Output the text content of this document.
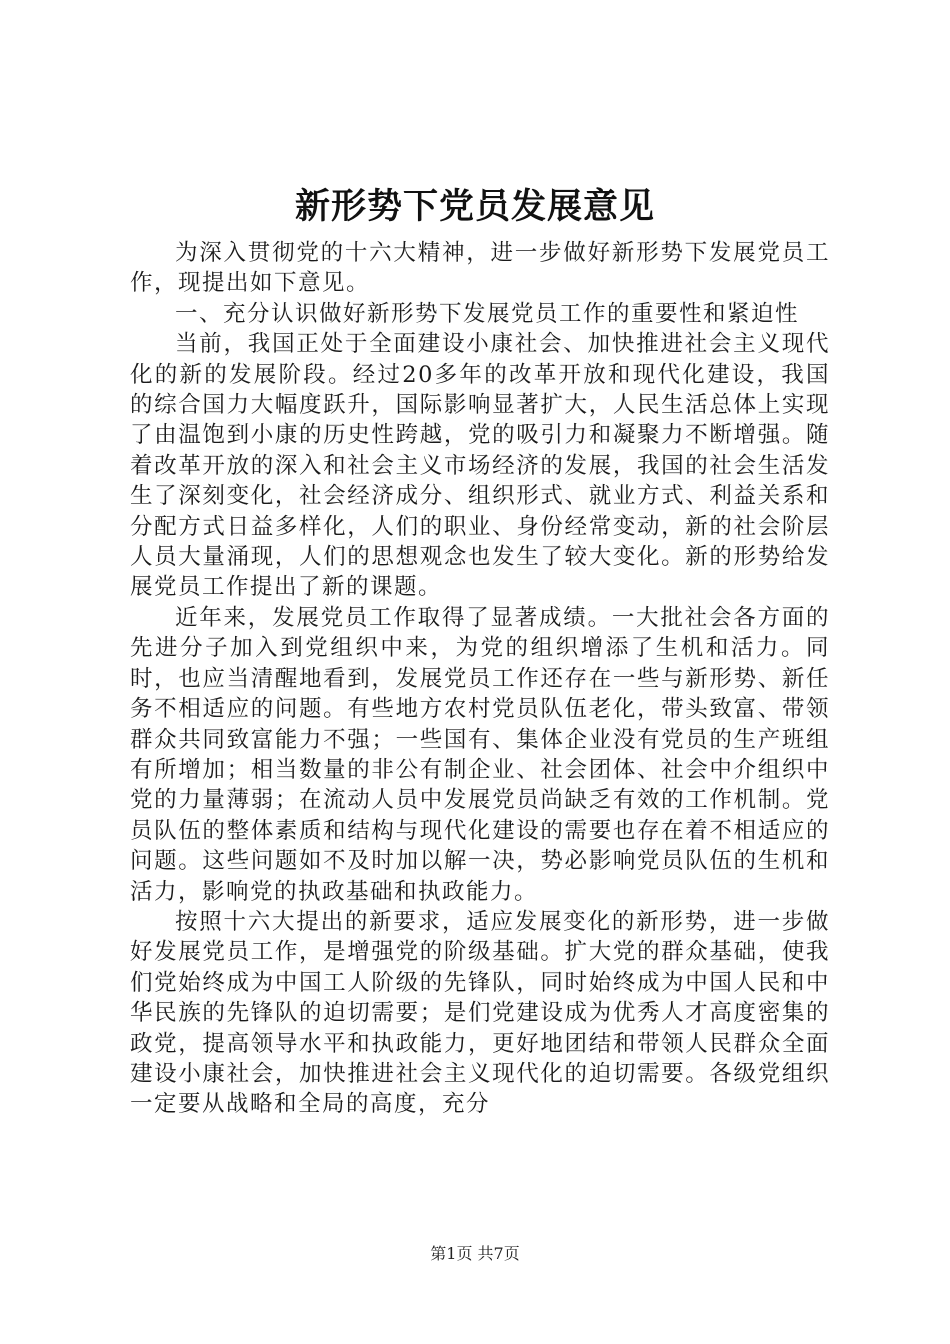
新形势下党员发展意见

为深入贯彻党的十六大精神，进一步做好新形势下发展党员工作，现提出如下意见。

一、充分认识做好新形势下发展党员工作的重要性和紧迫性

当前，我国正处于全面建设小康社会、加快推进社会主义现代化的新的发展阶段。经过20多年的改革开放和现代化建设，我国的综合国力大幅度跃升，国际影响显著扩大，人民生活总体上实现了由温饱到小康的历史性跨越，党的吸引力和凝聚力不断增强。随着改革开放的深入和社会主义市场经济的发展，我国的社会生活发生了深刻变化，社会经济成分、组织形式、就业方式、利益关系和分配方式日益多样化，人们的职业、身份经常变动，新的社会阶层人员大量涌现，人们的思想观念也发生了较大变化。新的形势给发展党员工作提出了新的课题。

近年来，发展党员工作取得了显著成绩。一大批社会各方面的先进分子加入到党组织中来，为党的组织增添了生机和活力。同时，也应当清醒地看到，发展党员工作还存在一些与新形势、新任务不相适应的问题。有些地方农村党员队伍老化，带头致富、带领群众共同致富能力不强；一些国有、集体企业没有党员的生产班组有所增加；相当数量的非公有制企业、社会团体、社会中介组织中党的力量薄弱；在流动人员中发展党员尚缺乏有效的工作机制。党员队伍的整体素质和结构与现代化建设的需要也存在着不相适应的问题。这些问题如不及时加以解一决，势必影响党员队伍的生机和活力，影响党的执政基础和执政能力。

按照十六大提出的新要求，适应发展变化的新形势，进一步做好发展党员工作，是增强党的阶级基础。扩大党的群众基础，使我们党始终成为中国工人阶级的先锋队，同时始终成为中国人民和中华民族的先锋队的迫切需要；是们党建设成为优秀人才高度密集的政党，提高领导水平和执政能力，更好地团结和带领人民群众全面建设小康社会，加快推进社会主义现代化的迫切需要。各级党组织一定要从战略和全局的高度，充分

第1页 共7页
